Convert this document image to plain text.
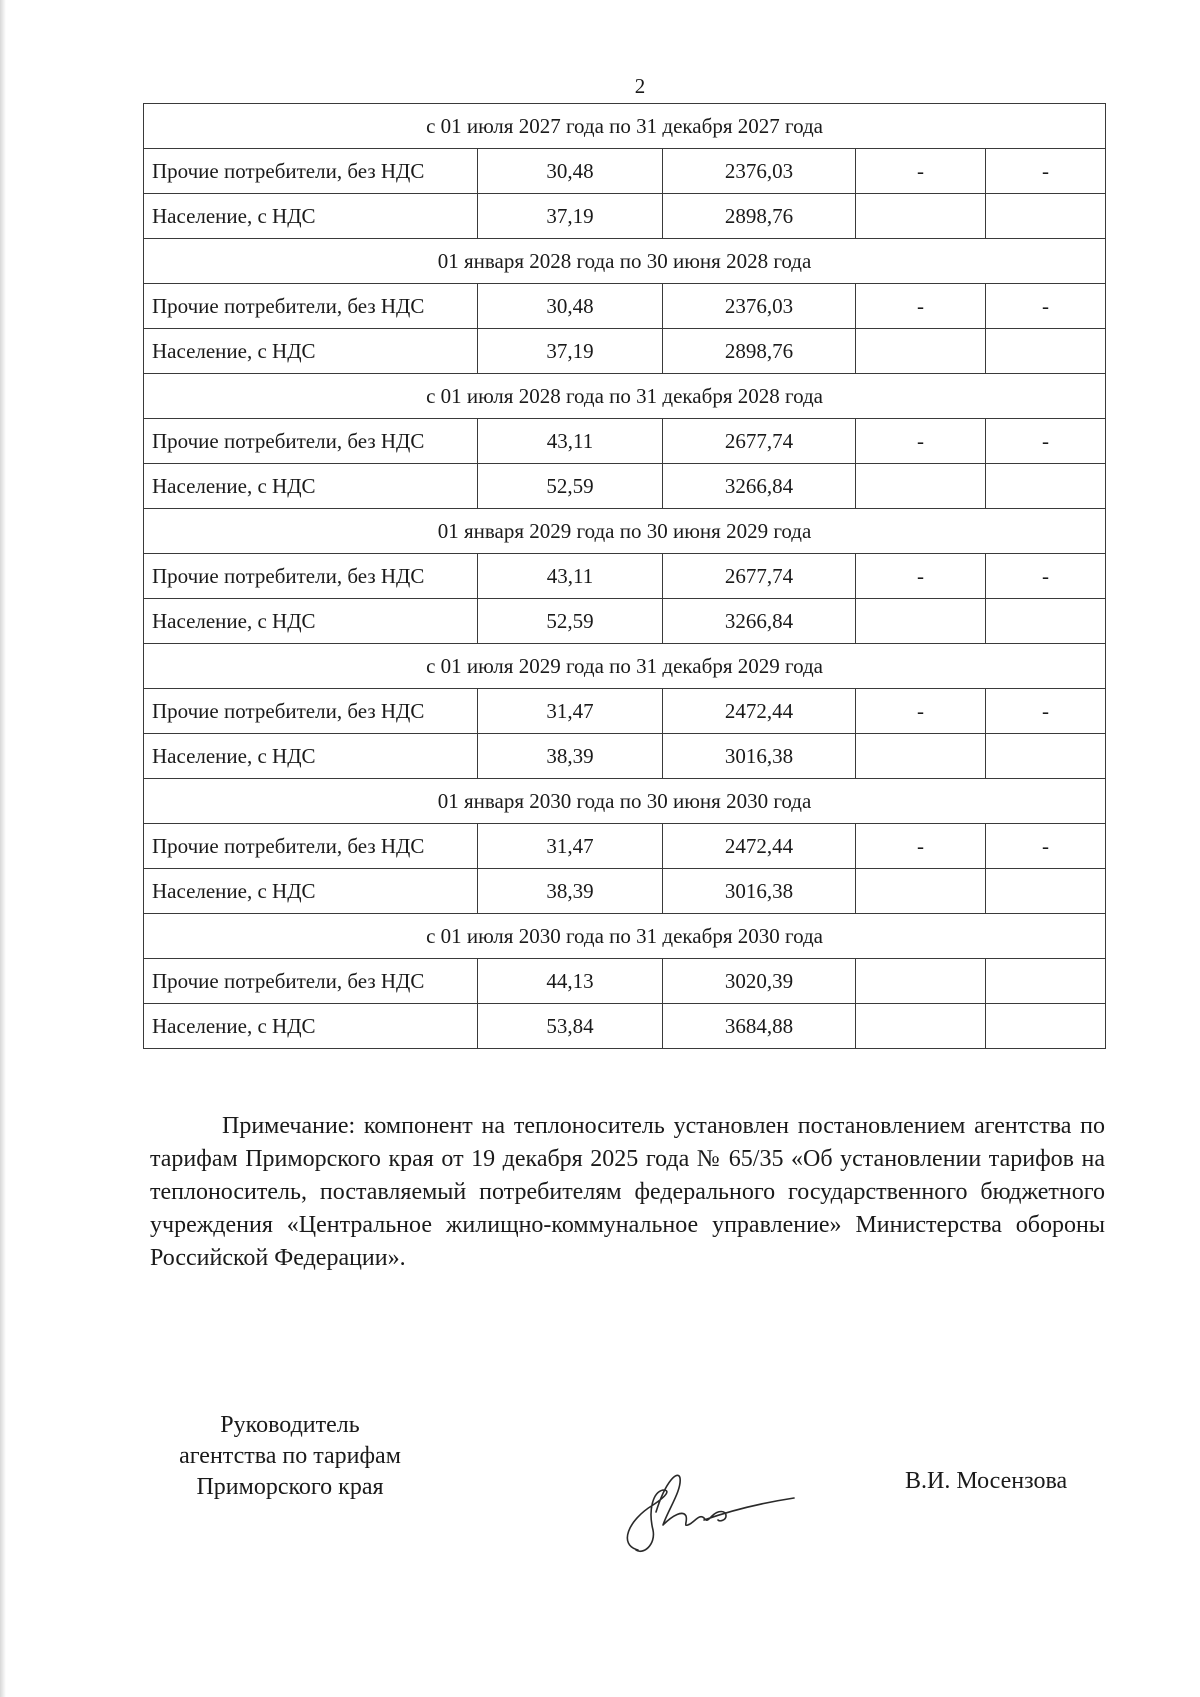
2
с 01 июля 2027 года по 31 декабря 2027 года				
Прочие потребители, без НДС	30,48	2376,03	-	-
Население, с НДС	37,19	2898,76		
01 января 2028 года по 30 июня 2028 года				
Прочие потребители, без НДС	30,48	2376,03	-	-
Население, с НДС	37,19	2898,76		
с 01 июля 2028 года по 31 декабря 2028 года				
Прочие потребители, без НДС	43,11	2677,74	-	-
Население, с НДС	52,59	3266,84		
01 января 2029 года по 30 июня 2029 года				
Прочие потребители, без НДС	43,11	2677,74	-	-
Население, с НДС	52,59	3266,84		
с 01 июля 2029 года по 31 декабря 2029 года				
Прочие потребители, без НДС	31,47	2472,44	-	-
Население, с НДС	38,39	3016,38		
01 января 2030 года по 30 июня 2030 года				
Прочие потребители, без НДС	31,47	2472,44	-	-
Население, с НДС	38,39	3016,38		
с 01 июля 2030 года по 31 декабря 2030 года				
Прочие потребители, без НДС	44,13	3020,39		
Население, с НДС	53,84	3684,88		
Примечание: компонент на теплоноситель установлен постановлением агентства по тарифам Приморского края от 19 декабря 2025 года № 65/35 «Об установлении тарифов на теплоноситель, поставляемый потребителям федерального государственного бюджетного учреждения «Центральное жилищно-коммунальное управление» Министерства обороны Российской Федерации».
Руководитель
агентства по тарифам
Приморского края	В.И. Мосензова
